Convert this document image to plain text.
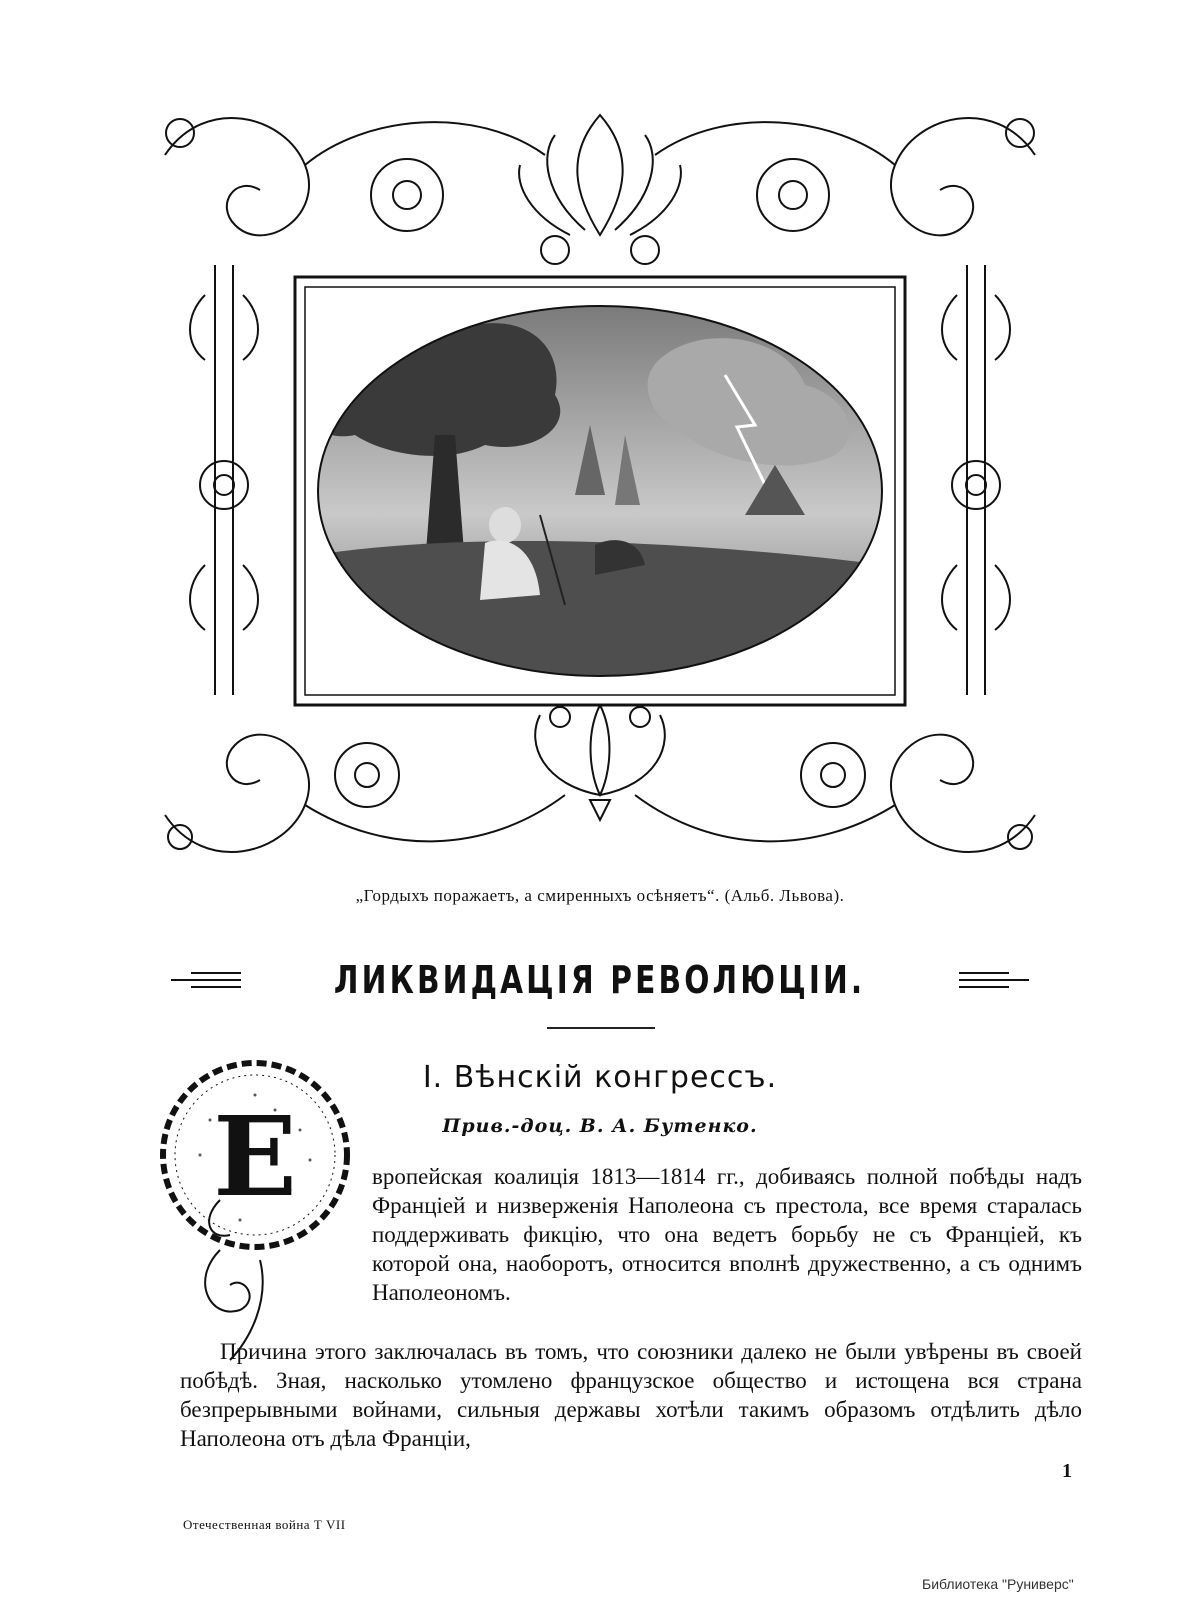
„Гордыхъ поражаетъ, а смиренныхъ осѣняетъ“. (Альб. Львова).
ЛИКВИДАЦІЯ РЕВОЛЮЦІИ.
I. Вѣнскій конгрессъ.
Прив.-доц. В. А. Бутенко.
Е	вропейская коалиція 1813—1814 гг., добиваясь полной побѣды надъ Франціей и низверженія Наполеона съ престола, все время старалась поддерживать фикцію, что она ведетъ борьбу не съ Франціей, къ которой она, наоборотъ, относится вполнѣ дружественно, а съ однимъ Наполеономъ.
Причина этого заключалась въ томъ, что союзники далеко не были увѣрены въ своей побѣдѣ. Зная, насколько утомлено французское общество и истощена вся страна безпрерывными войнами, сильныя державы хотѣли такимъ образомъ отдѣлить дѣло Наполеона отъ дѣла Франціи,
1
Отечественная война Т VII
Библиотека "Руниверс"
